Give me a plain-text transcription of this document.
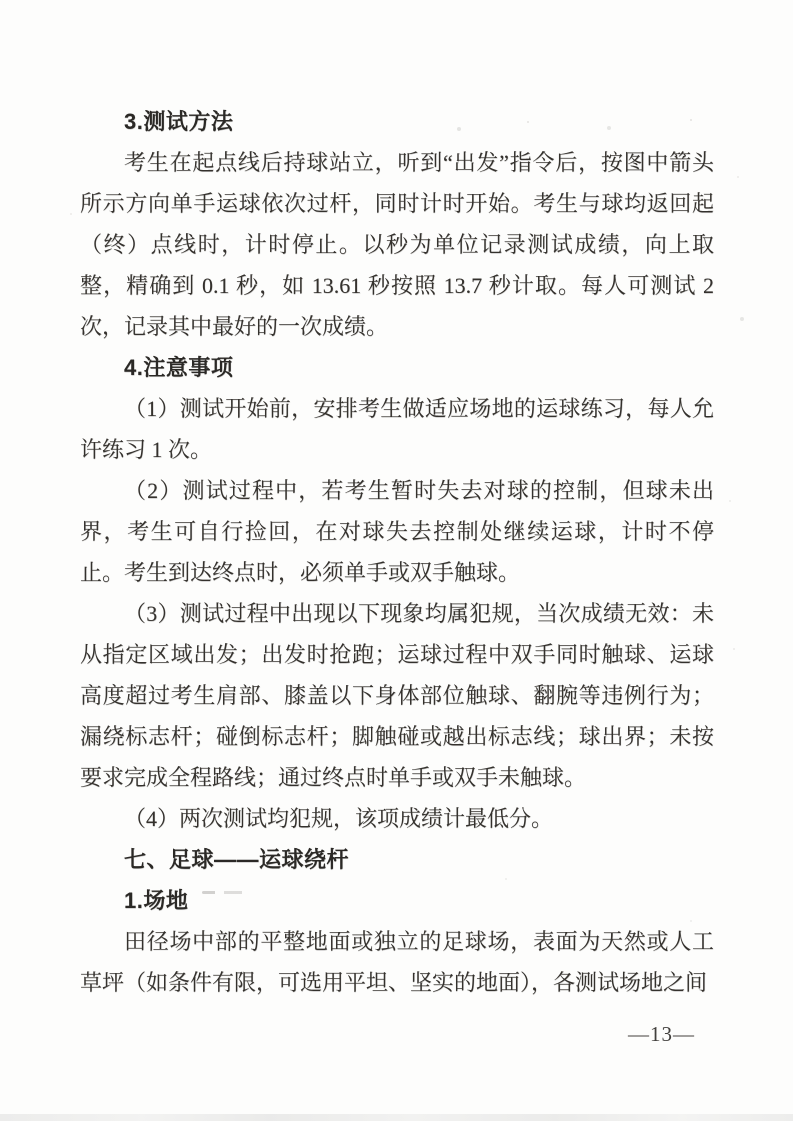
3.测试方法

考生在起点线后持球站立，听到“出发”指令后，按图中箭头所示方向单手运球依次过杆，同时计时开始。考生与球均返回起（终）点线时，计时停止。以秒为单位记录测试成绩，向上取整，精确到 0.1 秒，如 13.61 秒按照 13.7 秒计取。每人可测试 2 次，记录其中最好的一次成绩。

4.注意事项

（1）测试开始前，安排考生做适应场地的运球练习，每人允许练习 1 次。

（2）测试过程中，若考生暂时失去对球的控制，但球未出界，考生可自行捡回，在对球失去控制处继续运球，计时不停止。考生到达终点时，必须单手或双手触球。

（3）测试过程中出现以下现象均属犯规，当次成绩无效：未从指定区域出发；出发时抢跑；运球过程中双手同时触球、运球高度超过考生肩部、膝盖以下身体部位触球、翻腕等违例行为；漏绕标志杆；碰倒标志杆；脚触碰或越出标志线；球出界；未按要求完成全程路线；通过终点时单手或双手未触球。

（4）两次测试均犯规，该项成绩计最低分。

七、足球——运球绕杆
1.场地

田径场中部的平整地面或独立的足球场，表面为天然或人工草坪（如条件有限，可选用平坦、坚实的地面），各测试场地之间

—13—
